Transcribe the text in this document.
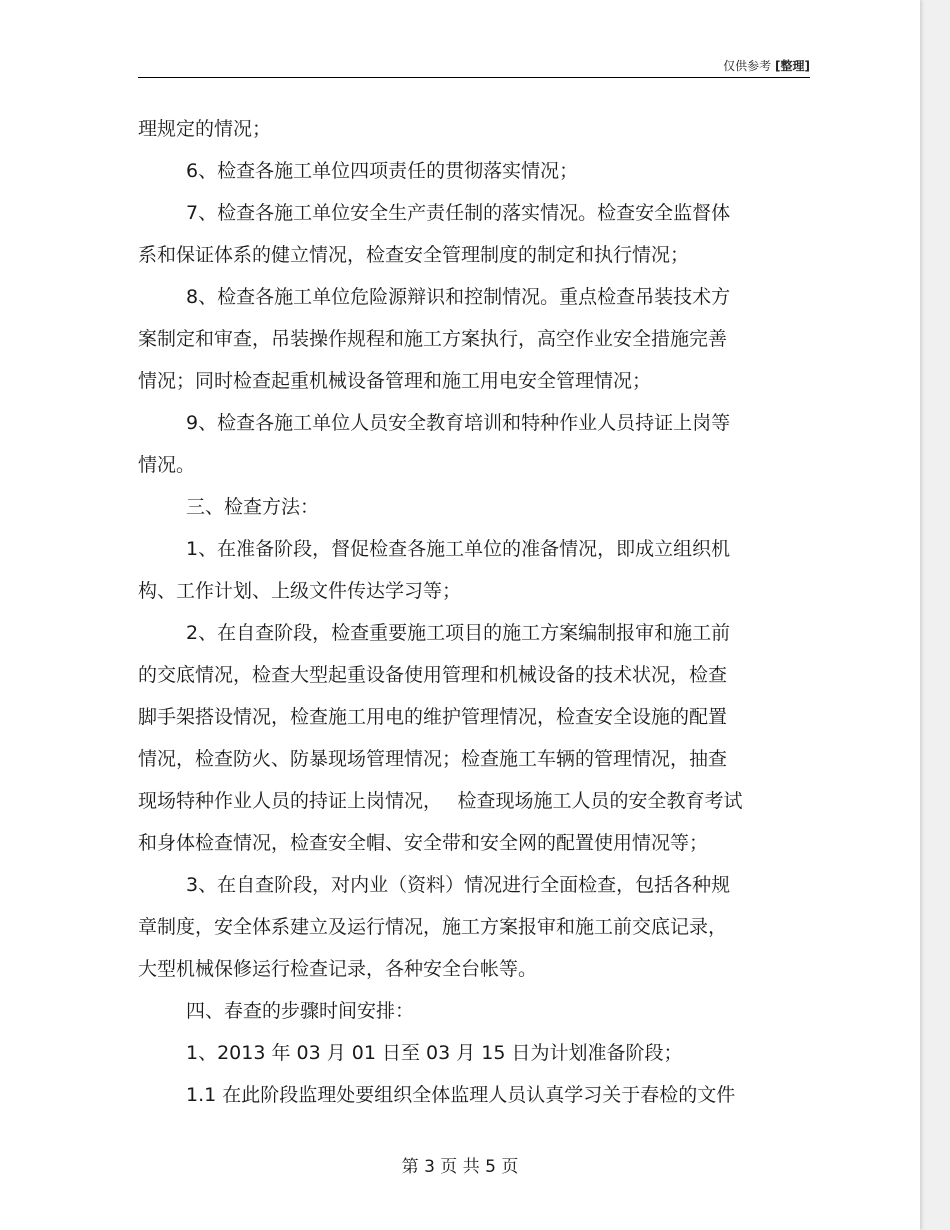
仅供参考 [整理]

理规定的情况；

6、检查各施工单位四项责任的贯彻落实情况；

7、检查各施工单位安全生产责任制的落实情况。检查安全监督体

系和保证体系的健立情况，检查安全管理制度的制定和执行情况；

8、检查各施工单位危险源辩识和控制情况。重点检查吊装技术方

案制定和审查，吊装操作规程和施工方案执行，高空作业安全措施完善

情况；同时检查起重机械设备管理和施工用电安全管理情况；

9、检查各施工单位人员安全教育培训和特种作业人员持证上岗等

情况。

三、检查方法：

1、在准备阶段，督促检查各施工单位的准备情况，即成立组织机

构、工作计划、上级文件传达学习等；

2、在自查阶段，检查重要施工项目的施工方案编制报审和施工前

的交底情况，检查大型起重设备使用管理和机械设备的技术状况，检查

脚手架搭设情况，检查施工用电的维护管理情况，检查安全设施的配置

情况，检查防火、防暴现场管理情况；检查施工车辆的管理情况，抽查

现场特种作业人员的持证上岗情况，　 检查现场施工人员的安全教育考试

和身体检查情况，检查安全帽、安全带和安全网的配置使用情况等；

3、在自查阶段，对内业（资料）情况进行全面检查，包括各种规

章制度，安全体系建立及运行情况，施工方案报审和施工前交底记录，

大型机械保修运行检查记录，各种安全台帐等。

四、春查的步骤时间安排：

1、2013 年 03 月 01 日至 03 月 15 日为计划准备阶段；

1.1 在此阶段监理处要组织全体监理人员认真学习关于春检的文件

第 3 页 共 5 页
